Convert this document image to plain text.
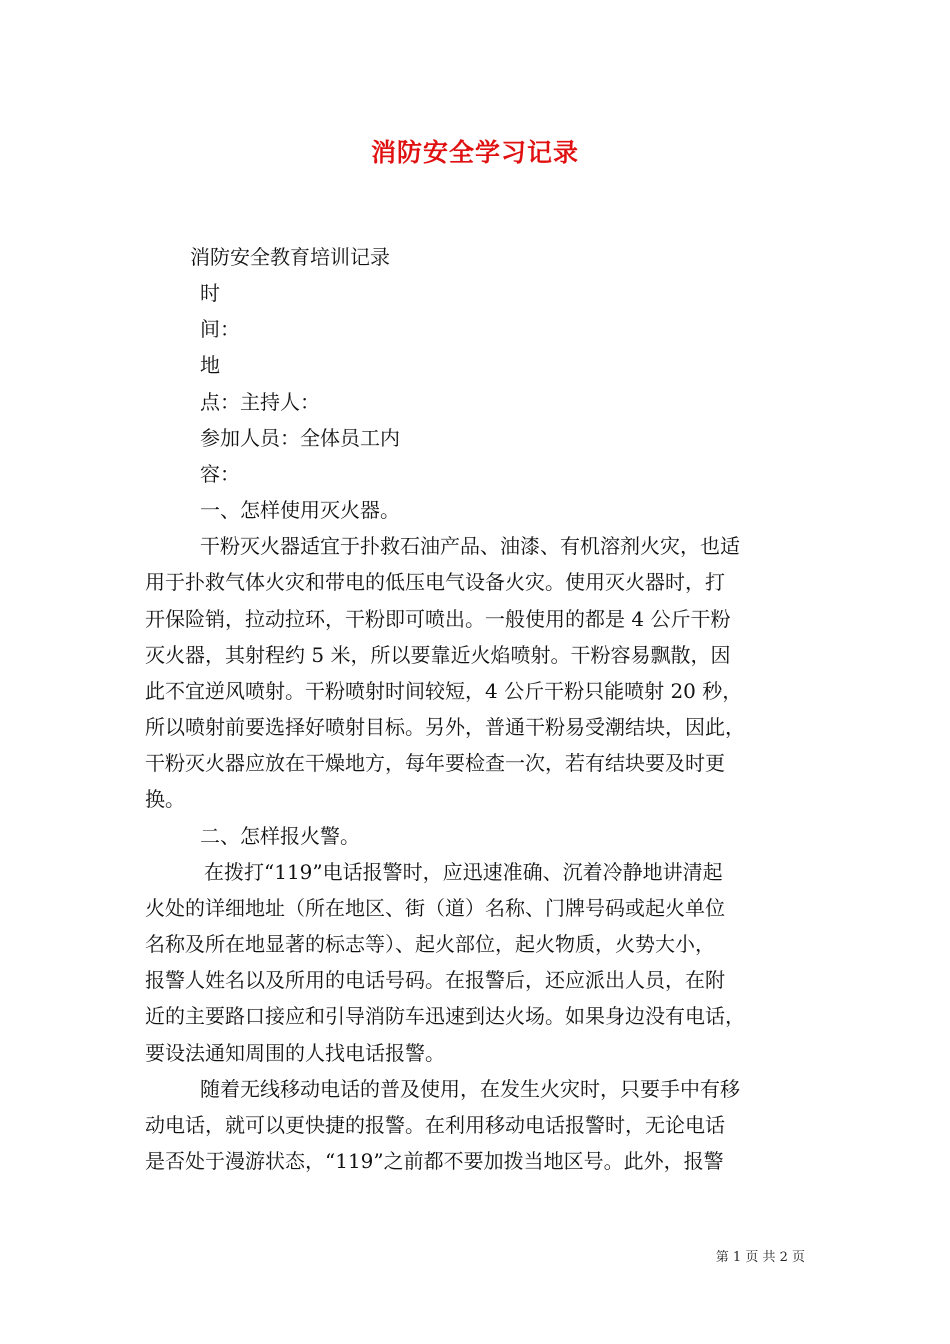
消防安全学习记录
消防安全教育培训记录
时
间：
地
点：主持人：
参加人员：全体员工内
容：
一、怎样使用灭火器。
干粉灭火器适宜于扑救石油产品、油漆、有机溶剂火灾，也适
用于扑救气体火灾和带电的低压电气设备火灾。使用灭火器时，打
开保险销，拉动拉环，干粉即可喷出。一般使用的都是 4 公斤干粉
灭火器，其射程约 5 米，所以要靠近火焰喷射。干粉容易飘散，因
此不宜逆风喷射。干粉喷射时间较短，4 公斤干粉只能喷射 20 秒，
所以喷射前要选择好喷射目标。另外，普通干粉易受潮结块，因此，
干粉灭火器应放在干燥地方，每年要检查一次，若有结块要及时更
换。
二、怎样报火警。
在拨打“119”电话报警时，应迅速准确、沉着冷静地讲清起
火处的详细地址（所在地区、街（道）名称、门牌号码或起火单位
名称及所在地显著的标志等）、起火部位，起火物质，火势大小，
报警人姓名以及所用的电话号码。在报警后，还应派出人员，在附
近的主要路口接应和引导消防车迅速到达火场。如果身边没有电话，
要设法通知周围的人找电话报警。
随着无线移动电话的普及使用，在发生火灾时，只要手中有移
动电话，就可以更快捷的报警。在利用移动电话报警时，无论电话
是否处于漫游状态，“119”之前都不要加拨当地区号。此外，报警
第 1 页 共 2 页
